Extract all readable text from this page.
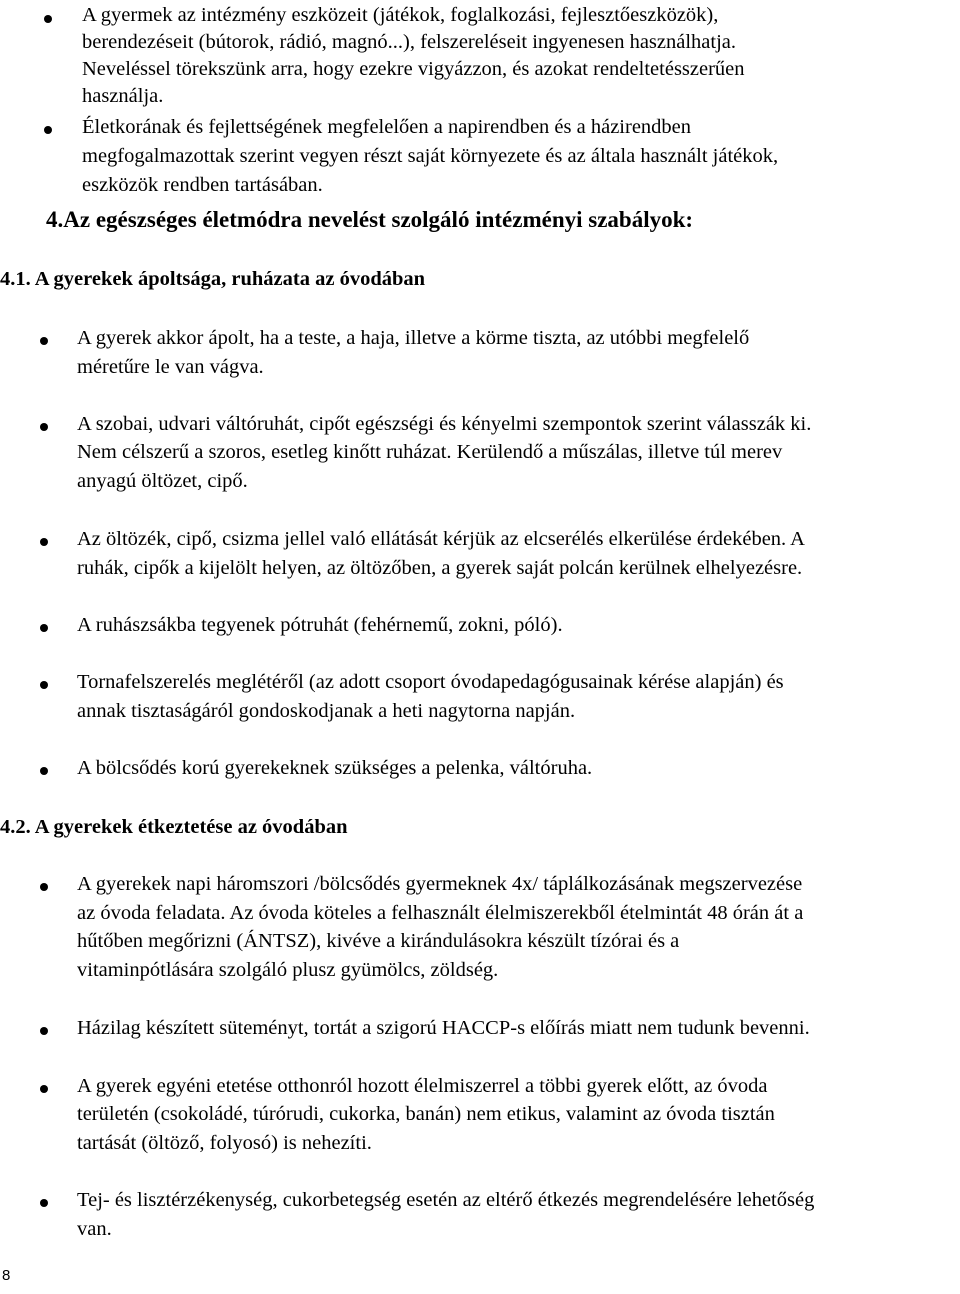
A gyermek az intézmény eszközeit (játékok, foglalkozási, fejlesztőeszközök),
berendezéseit (bútorok, rádió, magnó...), felszereléseit ingyenesen használhatja.
Neveléssel törekszünk arra, hogy ezekre vigyázzon, és azokat rendeltetésszerűen
használja.
Életkorának és fejlettségének megfelelően a napirendben és a házirendben
megfogalmazottak szerint vegyen részt saját környezete és az általa használt játékok,
eszközök rendben tartásában.
4.Az egészséges életmódra nevelést szolgáló intézményi szabályok:
4.1. A gyerekek ápoltsága, ruházata az óvodában
A gyerek akkor ápolt, ha a teste, a haja, illetve a körme tiszta, az utóbbi megfelelő
méretűre le van vágva.
A szobai, udvari váltóruhát, cipőt egészségi és kényelmi szempontok szerint válasszák ki.
Nem célszerű a szoros, esetleg kinőtt ruházat. Kerülendő a műszálas, illetve túl merev
anyagú öltözet, cipő.
Az öltözék, cipő, csizma jellel való ellátását kérjük az elcserélés elkerülése érdekében. A
ruhák, cipők a kijelölt helyen, az öltözőben, a gyerek saját polcán kerülnek elhelyezésre.
A ruhászsákba tegyenek pótruhát (fehérnemű, zokni, póló).
Tornafelszerelés meglétéről (az adott csoport óvodapedagógusainak kérése alapján) és
annak tisztaságáról gondoskodjanak a heti nagytorna napján.
A bölcsődés korú gyerekeknek szükséges a pelenka, váltóruha.
4.2. A gyerekek étkeztetése az óvodában
A gyerekek napi háromszori /bölcsődés gyermeknek 4x/ táplálkozásának megszervezése
az óvoda feladata. Az óvoda köteles a felhasznált élelmiszerekből ételmintát 48 órán át a
hűtőben megőrizni (ÁNTSZ), kivéve a kirándulásokra készült tízórai és a
vitaminpótlására szolgáló plusz gyümölcs, zöldség.
Házilag készített süteményt, tortát a szigorú HACCP-s előírás miatt nem tudunk bevenni.
A gyerek egyéni etetése otthonról hozott élelmiszerrel a többi gyerek előtt, az óvoda
területén (csokoládé, túrórudi, cukorka, banán) nem etikus, valamint az óvoda tisztán
tartását (öltöző, folyosó) is nehezíti.
Tej- és lisztérzékenység, cukorbetegség esetén az eltérő étkezés megrendelésére lehetőség
van.
8
